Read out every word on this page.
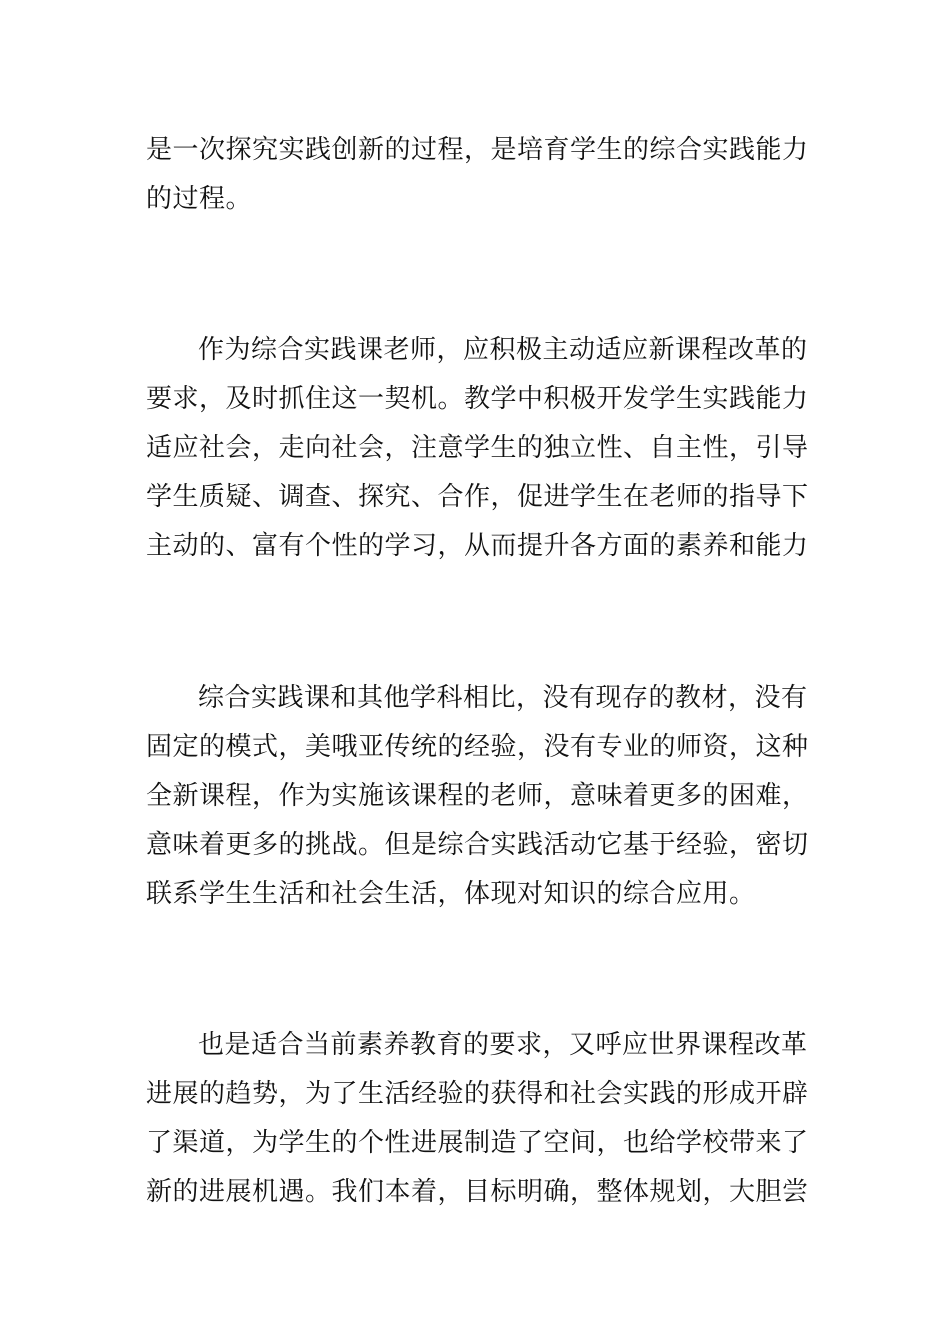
是一次探究实践创新的过程，是培育学生的综合实践能力
的过程。
作为综合实践课老师，应积极主动适应新课程改革的
要求，及时抓住这一契机。教学中积极开发学生实践能力
适应社会，走向社会，注意学生的独立性、自主性，引导
学生质疑、调查、探究、合作，促进学生在老师的指导下
主动的、富有个性的学习，从而提升各方面的素养和能力
综合实践课和其他学科相比，没有现存的教材，没有
固定的模式，美哦亚传统的经验，没有专业的师资，这种
全新课程，作为实施该课程的老师，意味着更多的困难，
意味着更多的挑战。但是综合实践活动它基于经验，密切
联系学生生活和社会生活，体现对知识的综合应用。
也是适合当前素养教育的要求，又呼应世界课程改革
进展的趋势，为了生活经验的获得和社会实践的形成开辟
了渠道，为学生的个性进展制造了空间，也给学校带来了
新的进展机遇。我们本着，目标明确，整体规划，大胆尝
